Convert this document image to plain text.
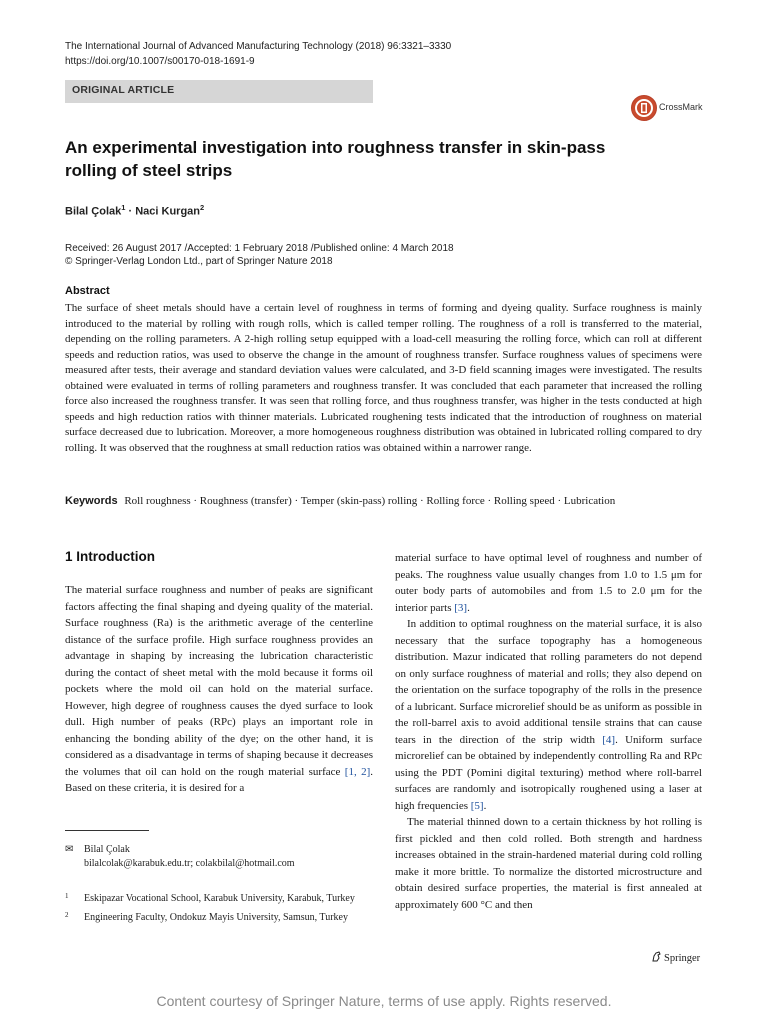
The International Journal of Advanced Manufacturing Technology (2018) 96:3321–3330
https://doi.org/10.1007/s00170-018-1691-9
ORIGINAL ARTICLE
CrossMark
An experimental investigation into roughness transfer in skin-pass rolling of steel strips
Bilal Çolak$^1$ · Naci Kurgan$^2$
Received: 26 August 2017 /Accepted: 1 February 2018 /Published online: 4 March 2018
© Springer-Verlag London Ltd., part of Springer Nature 2018
Abstract
The surface of sheet metals should have a certain level of roughness in terms of forming and dyeing quality. Surface roughness is mainly introduced to the material by rolling with rough rolls, which is called temper rolling. The roughness of a roll is transferred to the material, depending on the rolling parameters. A 2-high rolling setup equipped with a load-cell measuring the rolling force, which can roll at different speeds and reduction ratios, was used to observe the change in the amount of roughness transfer. Surface roughness values of specimens were measured after tests, their average and standard deviation values were calculated, and 3-D field scanning images were investigated. The results obtained were evaluated in terms of rolling parameters and roughness transfer. It was concluded that each parameter that increased the rolling force also increased the roughness transfer. It was seen that rolling force, and thus roughness transfer, was higher in the tests conducted at high speeds and high reduction ratios with thinner materials. Lubricated roughening tests indicated that the introduction of roughness on material surface decreased due to lubrication. Moreover, a more homogeneous roughness distribution was obtained in lubricated rolling compared to dry rolling. It was observed that the roughness at small reduction ratios was obtained within a narrower range.
Keywords Roll roughness · Roughness (transfer) · Temper (skin-pass) rolling · Rolling force · Rolling speed · Lubrication
1 Introduction

The material surface roughness and number of peaks are significant factors affecting the final shaping and dyeing quality of the material. Surface roughness (Ra) is the arithmetic average of the centerline distance of the surface profile. High surface roughness provides an advantage in shaping by increasing the lubrication characteristic during the contact of sheet metal with the mold because it forms oil pockets where the mold oil can hold on the material surface. However, high degree of roughness causes the dyed surface to look dull. High number of peaks (RPc) plays an important role in enhancing the bonding ability of the dye; on the other hand, it is considered as a disadvantage in terms of shaping because it decreases the volumes that oil can hold on the rough material surface [1, 2]. Based on these criteria, it is desired for a

material surface to have optimal level of roughness and number of peaks. The roughness value usually changes from 1.0 to 1.5 μm for outer body parts of automobiles and from 1.5 to 2.0 μm for the interior parts [3].

In addition to optimal roughness on the material surface, it is also necessary that the surface topography has a homogeneous distribution. Mazur indicated that rolling parameters do not depend on only surface roughness of material and rolls; they also depend on the orientation on the surface topography of the rolls in the presence of a lubricant. Surface microrelief should be as uniform as possible in the roll-barrel axis to avoid additional tensile strains that can cause tears in the direction of the strip width [4]. Uniform surface microrelief can be obtained by independently controlling Ra and RPc using the PDT (Pomini digital texturing) method where roll-barrel surfaces are randomly and isotropically roughened using a laser at high frequencies [5].

The material thinned down to a certain thickness by hot rolling is first pickled and then cold rolled. Both strength and hardness increases obtained in the strain-hardened material during cold rolling make it more brittle. To normalize the distorted microstructure and obtain desired surface properties, the material is first annealed at approximately 600 °C and then

✉ Bilal Çolak
bilalcolak@karabuk.edu.tr; colakbilal@hotmail.com
1 Eskipazar Vocational School, Karabuk University, Karabuk, Turkey
2 Engineering Faculty, Ondokuz Mayis University, Samsun, Turkey
Springer
Content courtesy of Springer Nature, terms of use apply. Rights reserved.
